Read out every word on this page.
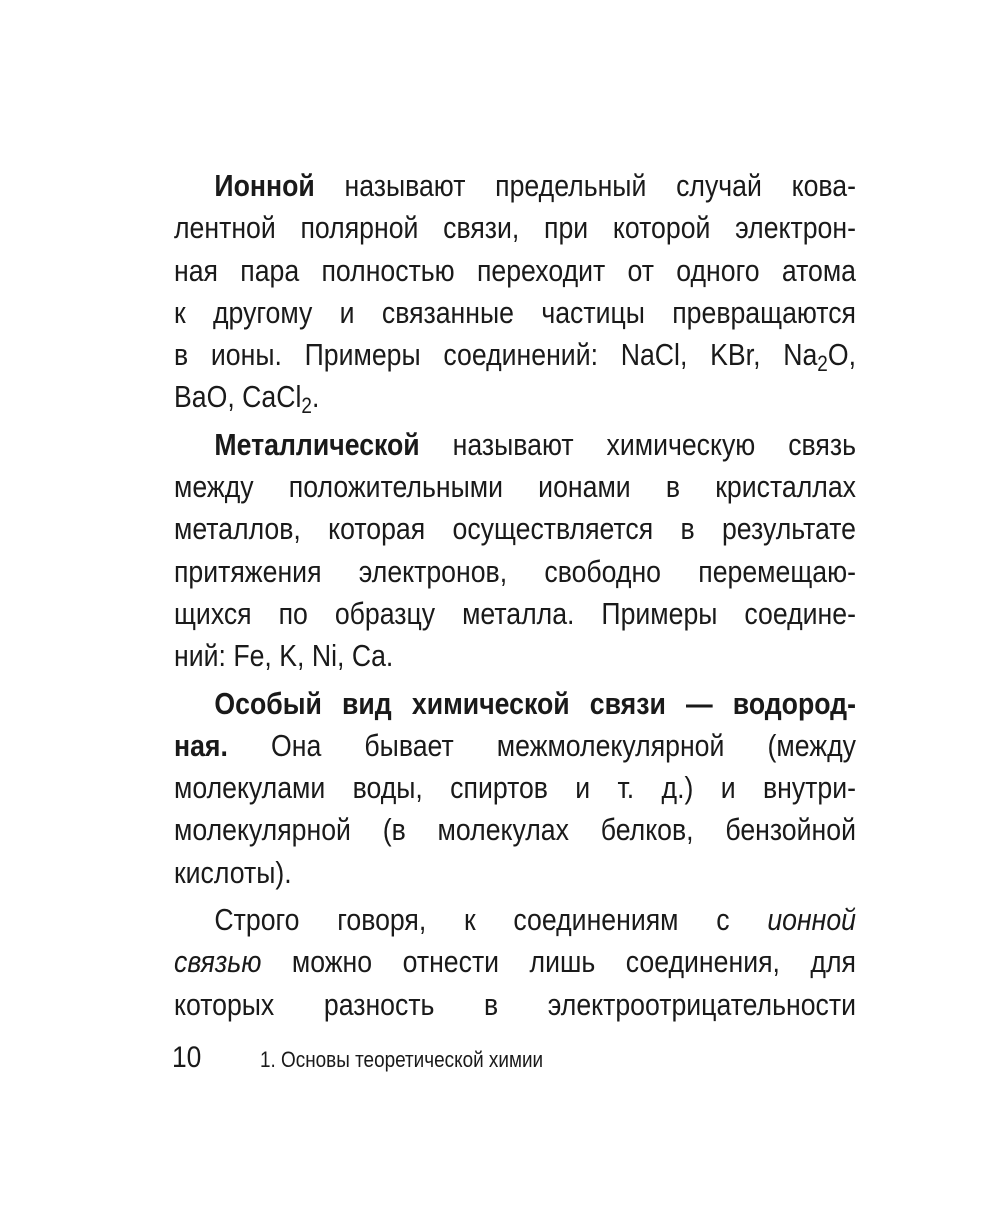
Ионной называют предельный случай кова-
лентной полярной связи, при которой электрон-
ная пара полностью переходит от одного атома
к другому и связанные частицы превращаются
в ионы. Примеры соединений: NaCl, KBr, $Na_2O$,
BaO, CaCl$_2$.
Металлической называют химическую связь
между положительными ионами в кристаллах
металлов, которая осуществляется в результате
притяжения электронов, свободно перемещаю-
щихся по образцу металла. Примеры соедине-
ний: Fe, K, Ni, Ca.
Особый вид химической связи — водород-
ная. Она бывает межмолекулярной (между
молекулами воды, спиртов и т. д.) и внутри-
молекулярной (в молекулах белков, бензойной
кислоты).
Строго говоря, к соединениям с ионной
связью можно отнести лишь соединения, для
которых разность в электроотрицательности
10	1. Основы теоретической химии
